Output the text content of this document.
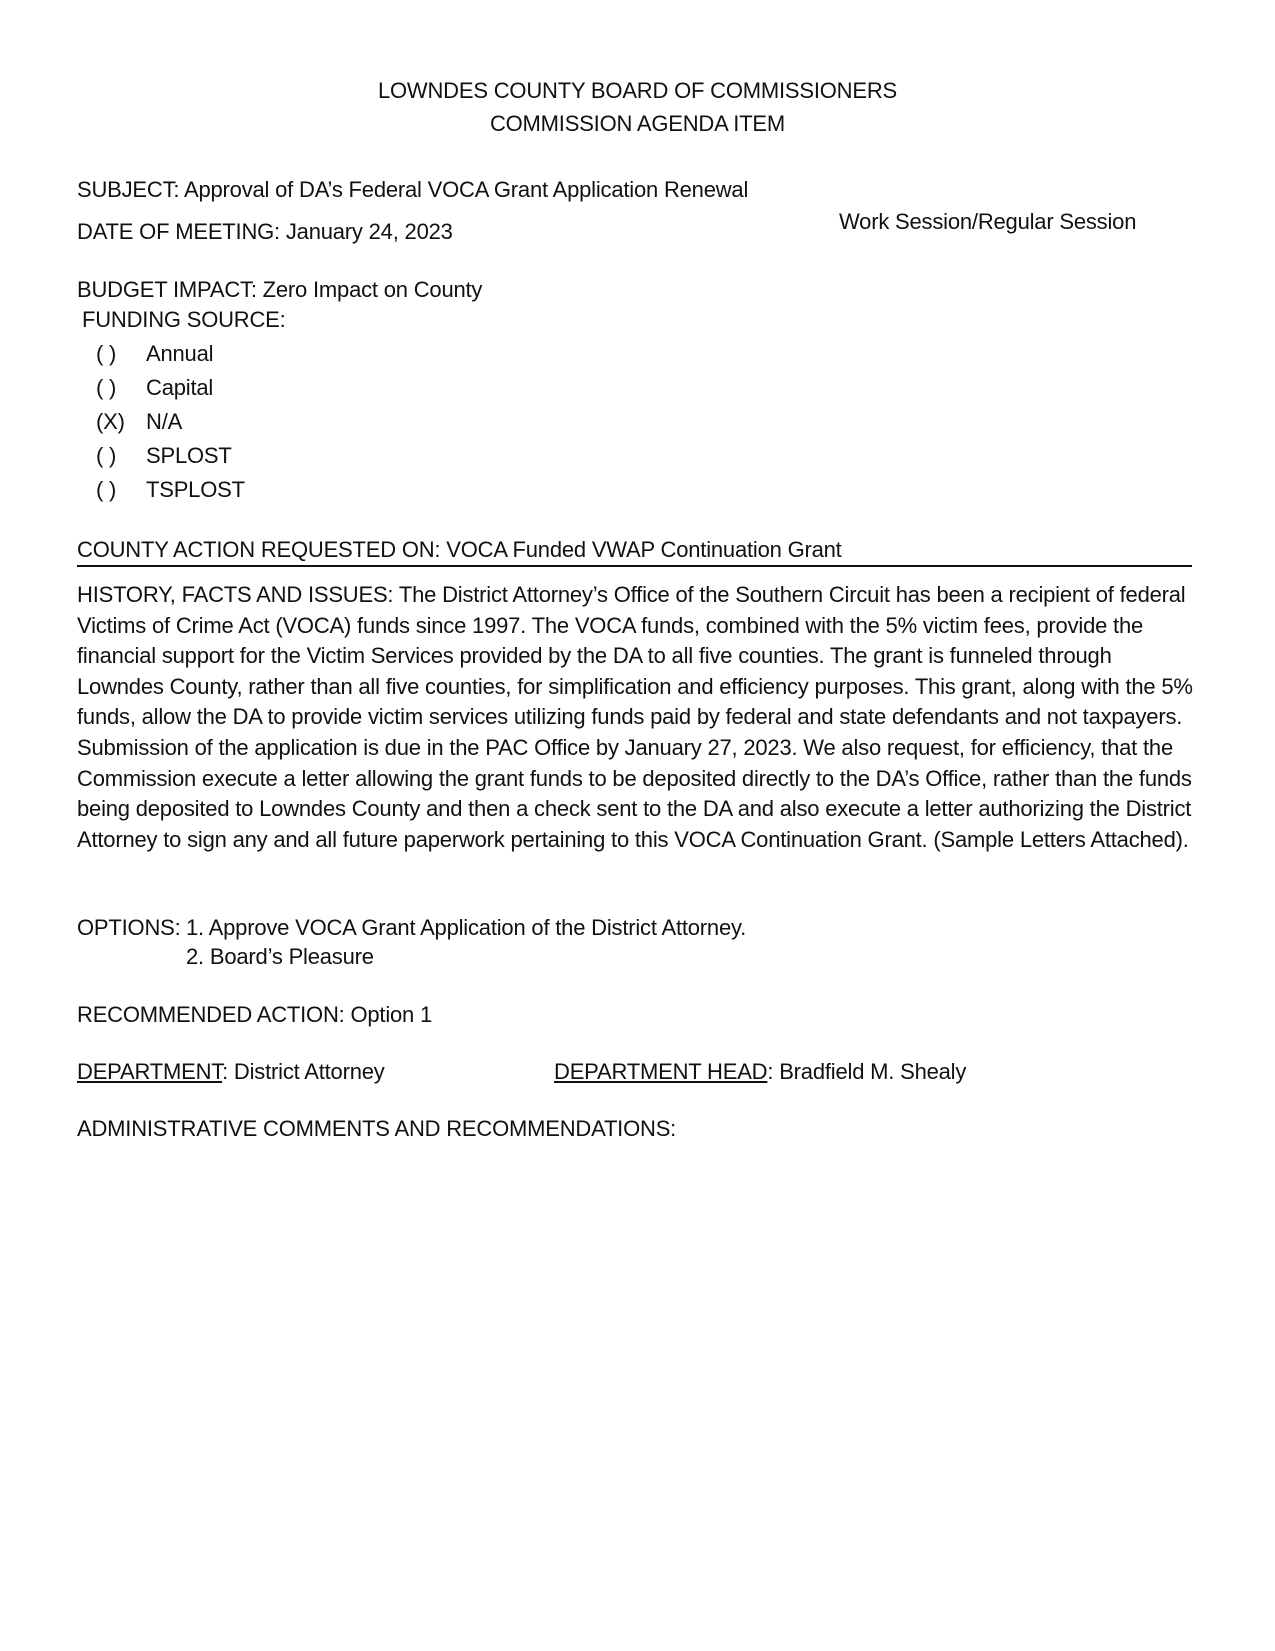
LOWNDES COUNTY BOARD OF COMMISSIONERS
COMMISSION AGENDA ITEM
SUBJECT: Approval of DA’s Federal VOCA Grant Application Renewal
DATE OF MEETING: January 24, 2023	Work Session/Regular Session
BUDGET IMPACT: Zero Impact on County
FUNDING SOURCE:
( )	Annual
( )	Capital
(X) N/A
( )	SPLOST
( )	TSPLOST
COUNTY ACTION REQUESTED ON: VOCA Funded VWAP Continuation Grant
HISTORY, FACTS AND ISSUES: The District Attorney’s Office of the Southern Circuit has been a recipient of federal Victims of Crime Act (VOCA) funds since 1997. The VOCA funds, combined with the 5% victim fees, provide the financial support for the Victim Services provided by the DA to all five counties. The grant is funneled through Lowndes County, rather than all five counties, for simplification and efficiency purposes. This grant, along with the 5% funds, allow the DA to provide victim services utilizing funds paid by federal and state defendants and not taxpayers. Submission of the application is due in the PAC Office by January 27, 2023. We also request, for efficiency, that the Commission execute a letter allowing the grant funds to be deposited directly to the DA’s Office, rather than the funds being deposited to Lowndes County and then a check sent to the DA and also execute a letter authorizing the District Attorney to sign any and all future paperwork pertaining to this VOCA Continuation Grant. (Sample Letters Attached).
OPTIONS: 1. Approve VOCA Grant Application of the District Attorney.
2. Board’s Pleasure
RECOMMENDED ACTION: Option 1
DEPARTMENT: District Attorney	DEPARTMENT HEAD: Bradfield M. Shealy
ADMINISTRATIVE COMMENTS AND RECOMMENDATIONS:
